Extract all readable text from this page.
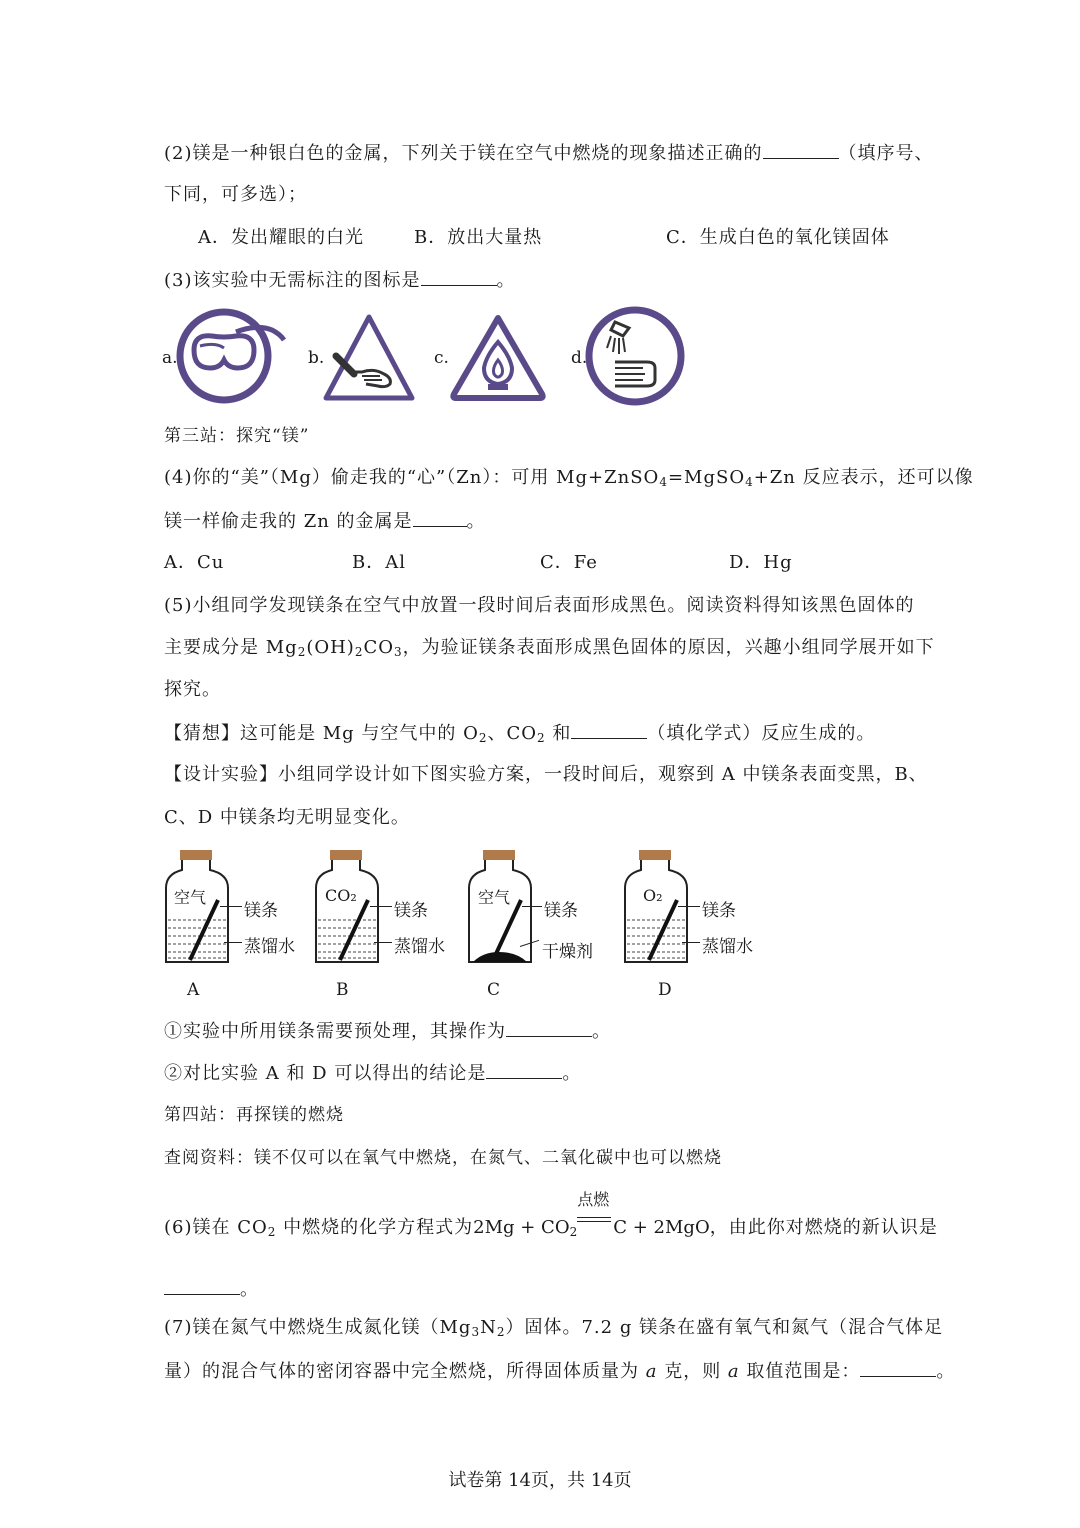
(2)镁是一种银白色的金属，下列关于镁在空气中燃烧的现象描述正确的	（填序号、
下同，可多选）；
A．发出耀眼的白光	B．放出大量热	C．生成白色的氧化镁固体
(3)该实验中无需标注的图标是	。
a.	b.	c.	d.
第三站：探究“镁”
(4)你的“美”（Mg）偷走我的“心”（Zn）：可用 Mg+ZnSO$_4$=MgSO$_4$+Zn 反应表示，还可以像
镁一样偷走我的 Zn 的金属是	。
A．Cu	B．Al	C．Fe	D．Hg
(5)小组同学发现镁条在空气中放置一段时间后表面形成黑色。阅读资料得知该黑色固体的
主要成分是 $Mg_2(OH)_2CO_3$，为验证镁条表面形成黑色固体的原因，兴趣小组同学展开如下
探究。
【猜想】这可能是 Mg 与空气中的 $O_2$、$CO_2$ 和	（填化学式）反应生成的。
【设计实验】小组同学设计如下图实验方案，一段时间后，观察到 A 中镁条表面变黑，B、
C、D 中镁条均无明显变化。
空气
镁条
蒸馏水
A
CO₂
镁条
蒸馏水
B
空气
镁条
干燥剂
C
O₂
镁条
蒸馏水
D
①实验中所用镁条需要预处理，其操作为	。
②对比实验 A 和 D 可以得出的结论是	。
第四站：再探镁的燃烧
查阅资料：镁不仅可以在氧气中燃烧，在氮气、二氧化碳中也可以燃烧
(6)镁在 $CO_2$ 中燃烧的化学方程式为$2Mg + CO_2$
点燃
C + 2MgO，由此你对燃烧的新认识是
。
(7)镁在氮气中燃烧生成氮化镁$(Mg_3N_2)$固体。7.2 g 镁条在盛有氧气和氮气（混合气体足
量）的混合气体的密闭容器中完全燃烧，所得固体质量为 a 克，则 a 取值范围是：	。
试卷第 14页，共 14页
